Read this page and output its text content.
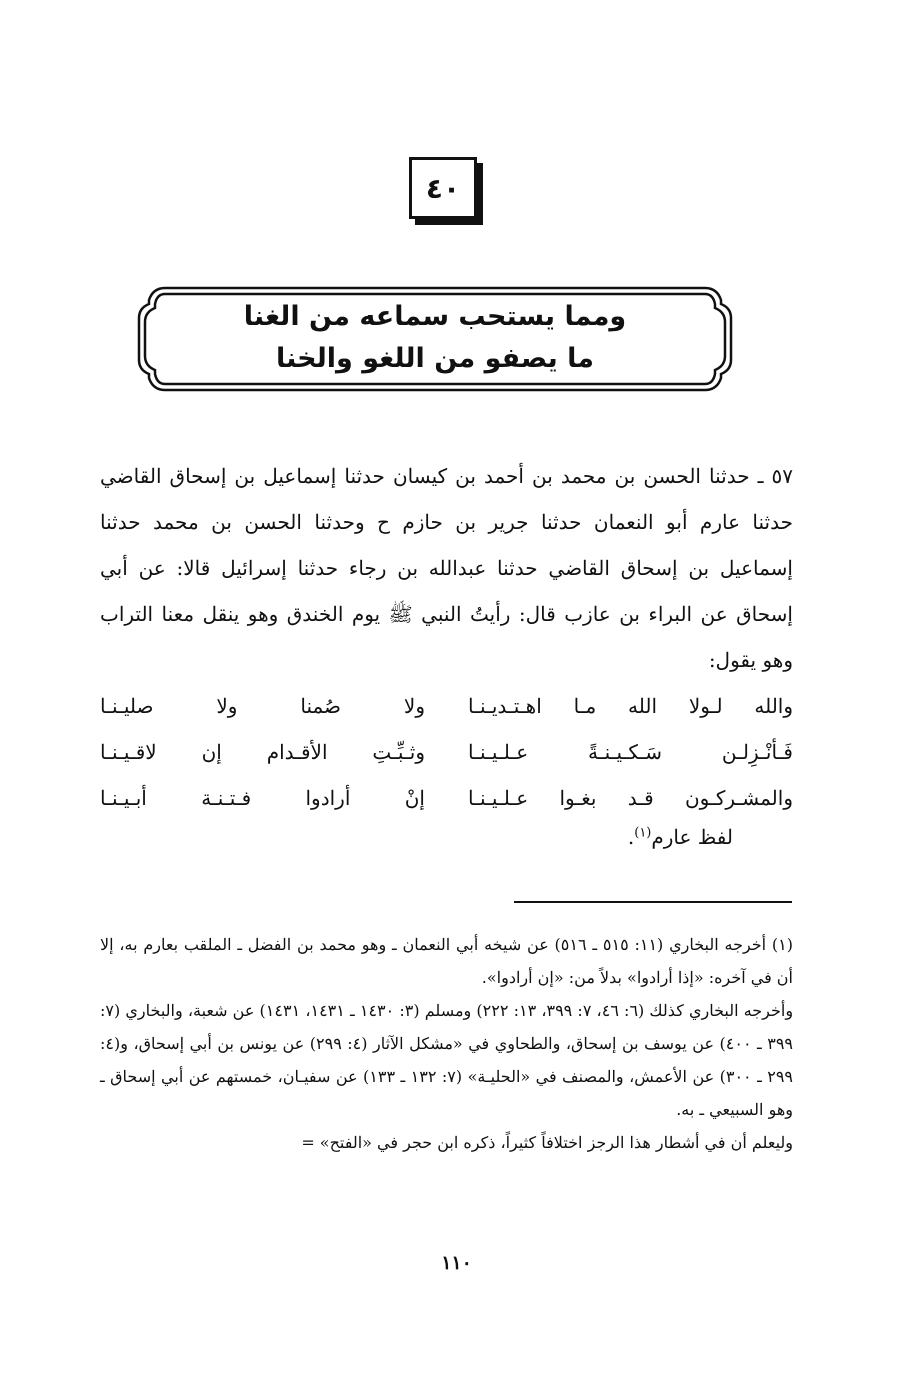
٤٠
ومما يستحب سماعه من الغنا
ما يصفو من اللغو والخنا

٥٧ ـ حدثنا الحسن بن محمد بن أحمد بن كيسان حدثنا إسماعيل بن إسحاق القاضي حدثنا عارم أبو النعمان حدثنا جرير بن حازم ح وحدثنا الحسن بن محمد حدثنا إسماعيل بن إسحاق القاضي حدثنا عبدالله بن رجاء حدثنا إسرائيل قالا: عن أبي إسحاق عن البراء بن عازب قال: رأيتُ النبي ﷺ يوم الخندق وهو ينقل معنا التراب وهو يقول:

والله لـولا الله مـا اهـتـديـنـا
ولا صُمنا ولا صليـنـا
فَـأنْـزِلـن سَـكـيـنـةً عـلـيـنـا
وثـبِّـتِ الأقـدام إن لاقـيـنـا
والمشـركـون قـد بغـوا عـلـيـنـا
إنْ أرادوا فـتـنـة أبـيـنـا
لفظ عارم$^{(١)}$.

(١) أخرجه البخاري (١١: ٥١٥ ـ ٥١٦) عن شيخه أبي النعمان ـ وهو محمد بن الفضل ـ الملقب بعارم به، إلا أن في آخره: «إذا أرادوا» بدلاً من: «إن أرادوا».

وأخرجه البخاري كذلك (٦: ٤٦، ٧: ٣٩٩، ١٣: ٢٢٢) ومسلم (٣: ١٤٣٠ ـ ١٤٣١، ١٤٣١) عن شعبة، والبخاري (٧: ٣٩٩ ـ ٤٠٠) عن يوسف بن إسحاق، والطحاوي في «مشكل الآثار (٤: ٢٩٩) عن يونس بن أبي إسحاق، و(٤: ٢٩٩ ـ ٣٠٠) عن الأعمش، والمصنف في «الحليـة» (٧: ١٣٢ ـ ١٣٣) عن سفيـان، خمستهم عن أبي إسحاق ـ وهو السبيعي ـ به.

وليعلم أن في أشطار هذا الرجز اختلافاً كثيراً، ذكره ابن حجر في «الفتح» =

١١٠
